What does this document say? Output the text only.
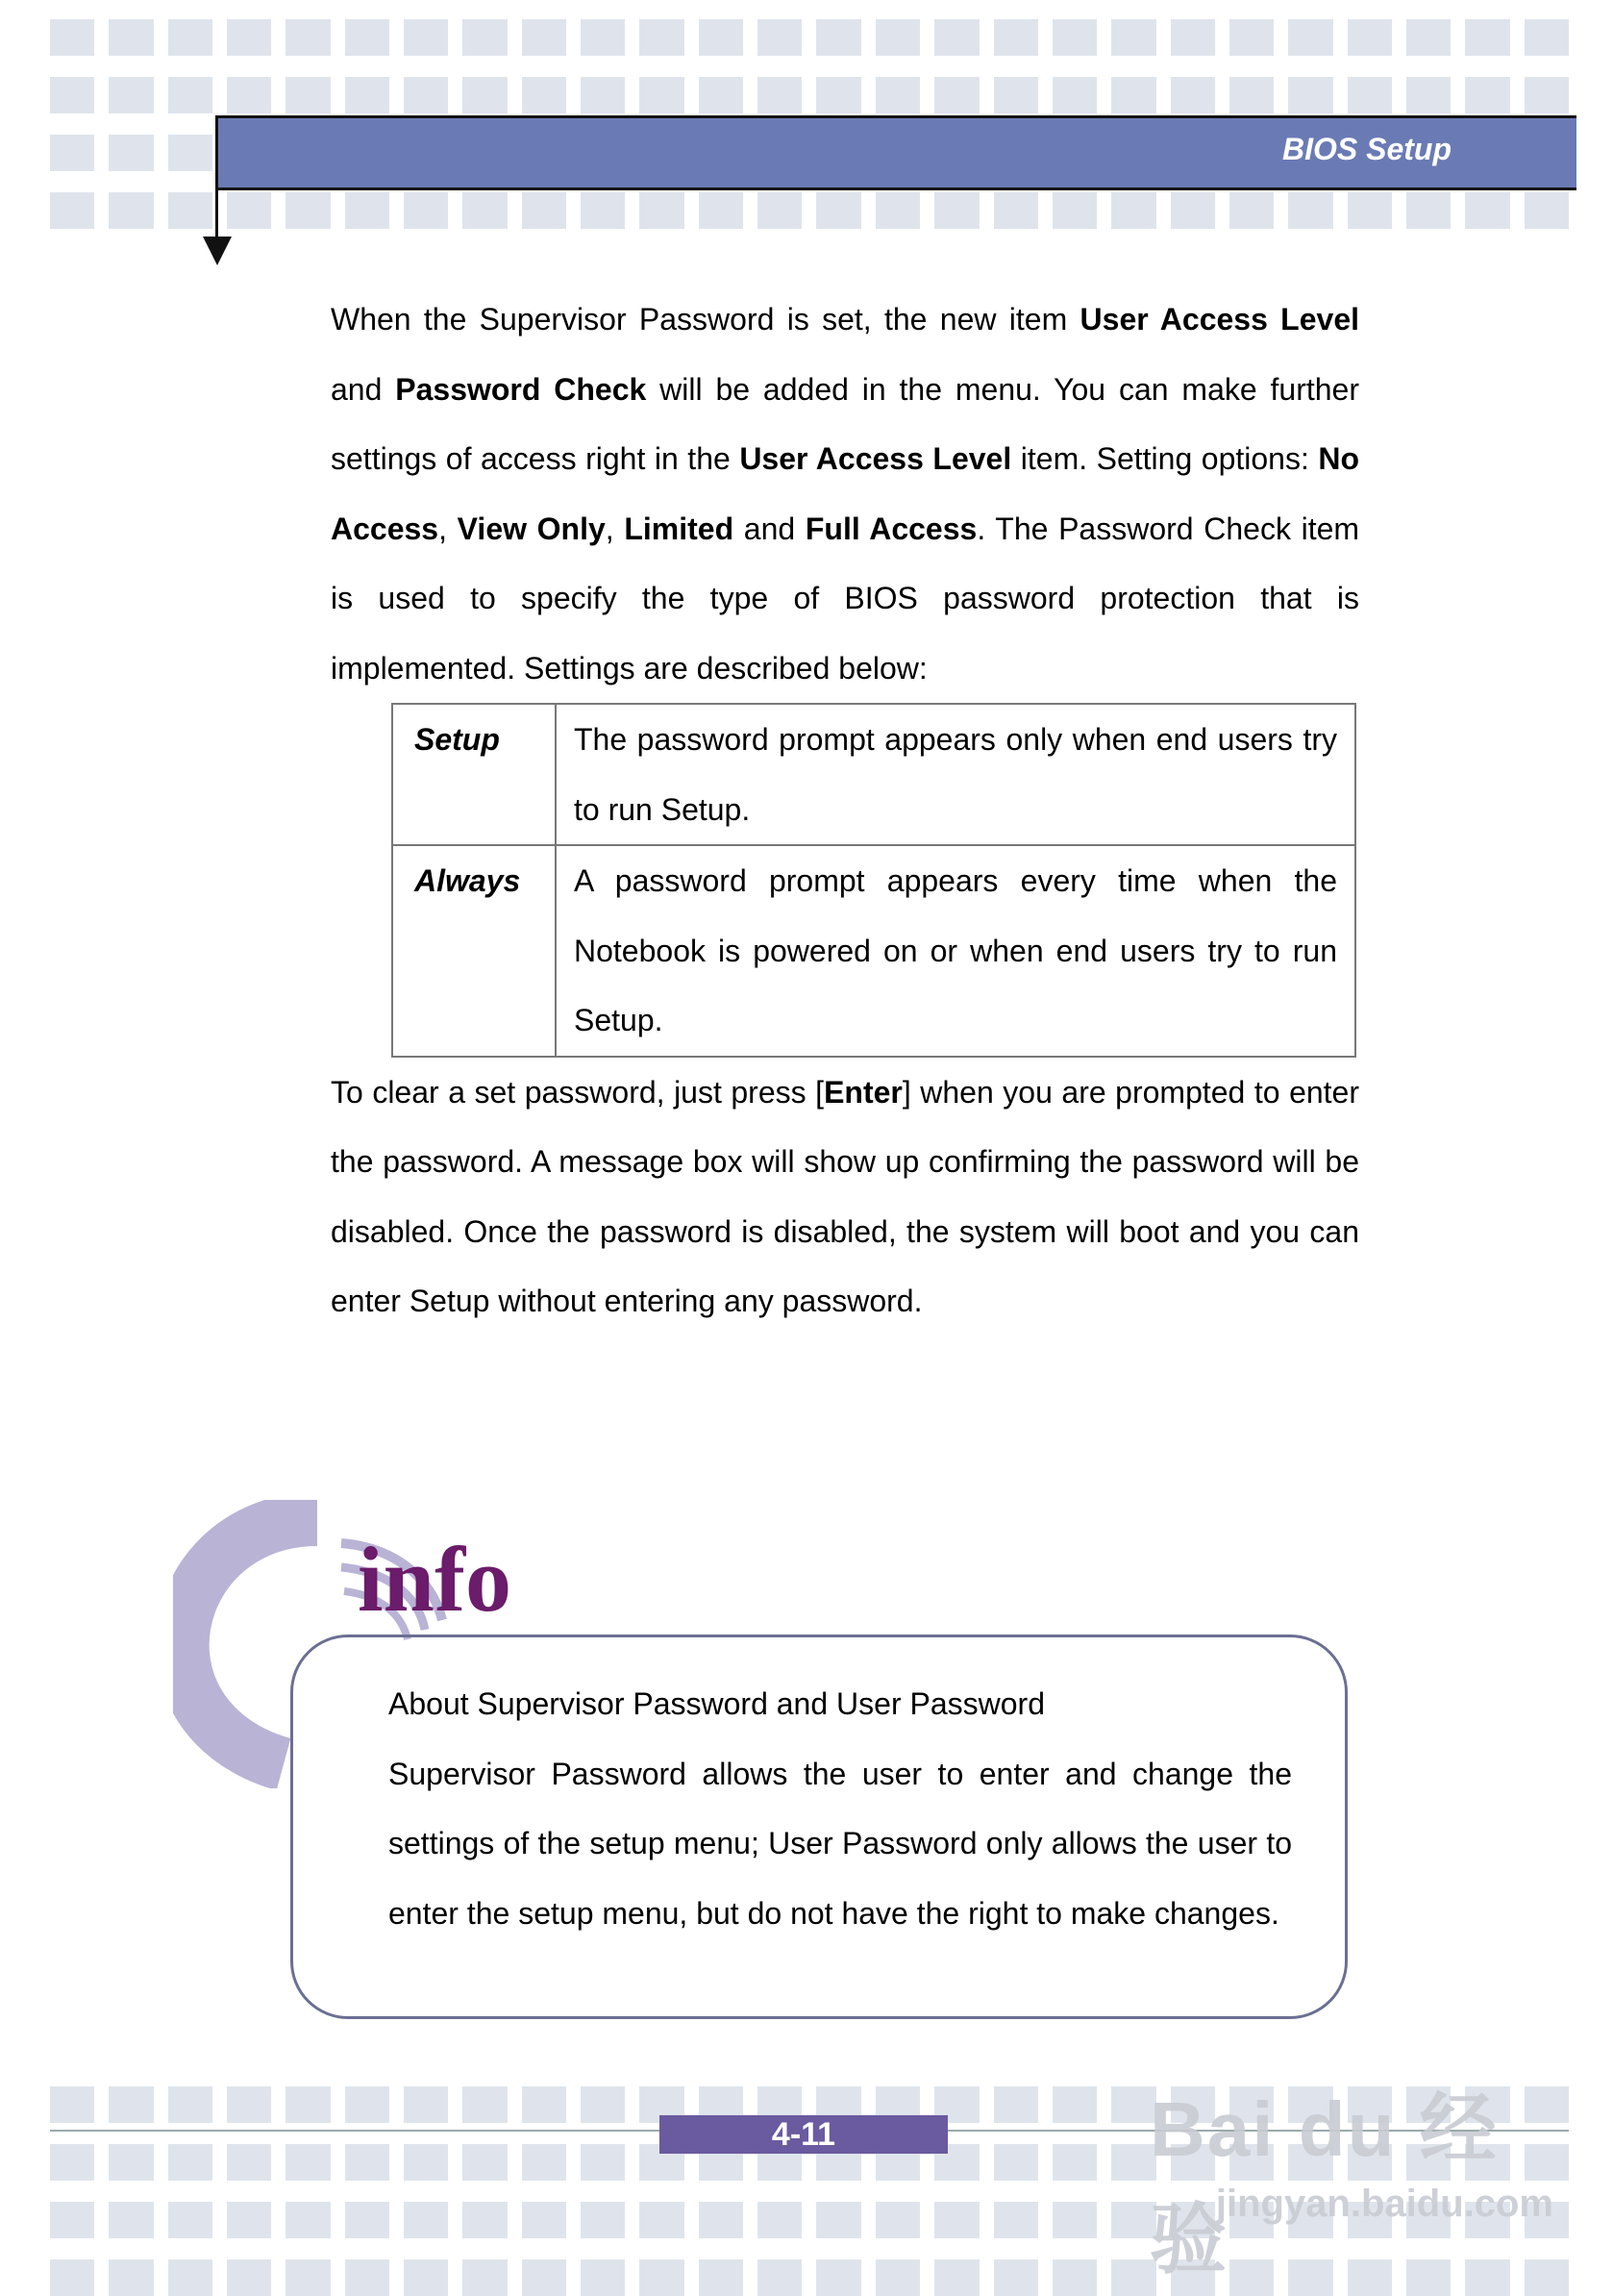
BIOS Setup

When the Supervisor Password is set, the new item User Access Level and Password Check will be added in the menu. You can make further settings of access right in the User Access Level item. Setting options: No Access, View Only, Limited and Full Access. The Password Check item is used to specify the type of BIOS password protection that is implemented. Settings are described below:

Setup	The password prompt appears only when end users try to run Setup.
Always	A password prompt appears every time when the Notebook is powered on or when end users try to run Setup.

To clear a set password, just press [Enter] when you are prompted to enter the password. A message box will show up confirming the password will be disabled. Once the password is disabled, the system will boot and you can enter Setup without entering any password.

info

About Supervisor Password and User Password

Supervisor Password allows the user to enter and change the settings of the setup menu; User Password only allows the user to enter the setup menu, but do not have the right to make changes.

4-11	Bai du 经验
jingyan.baidu.com
